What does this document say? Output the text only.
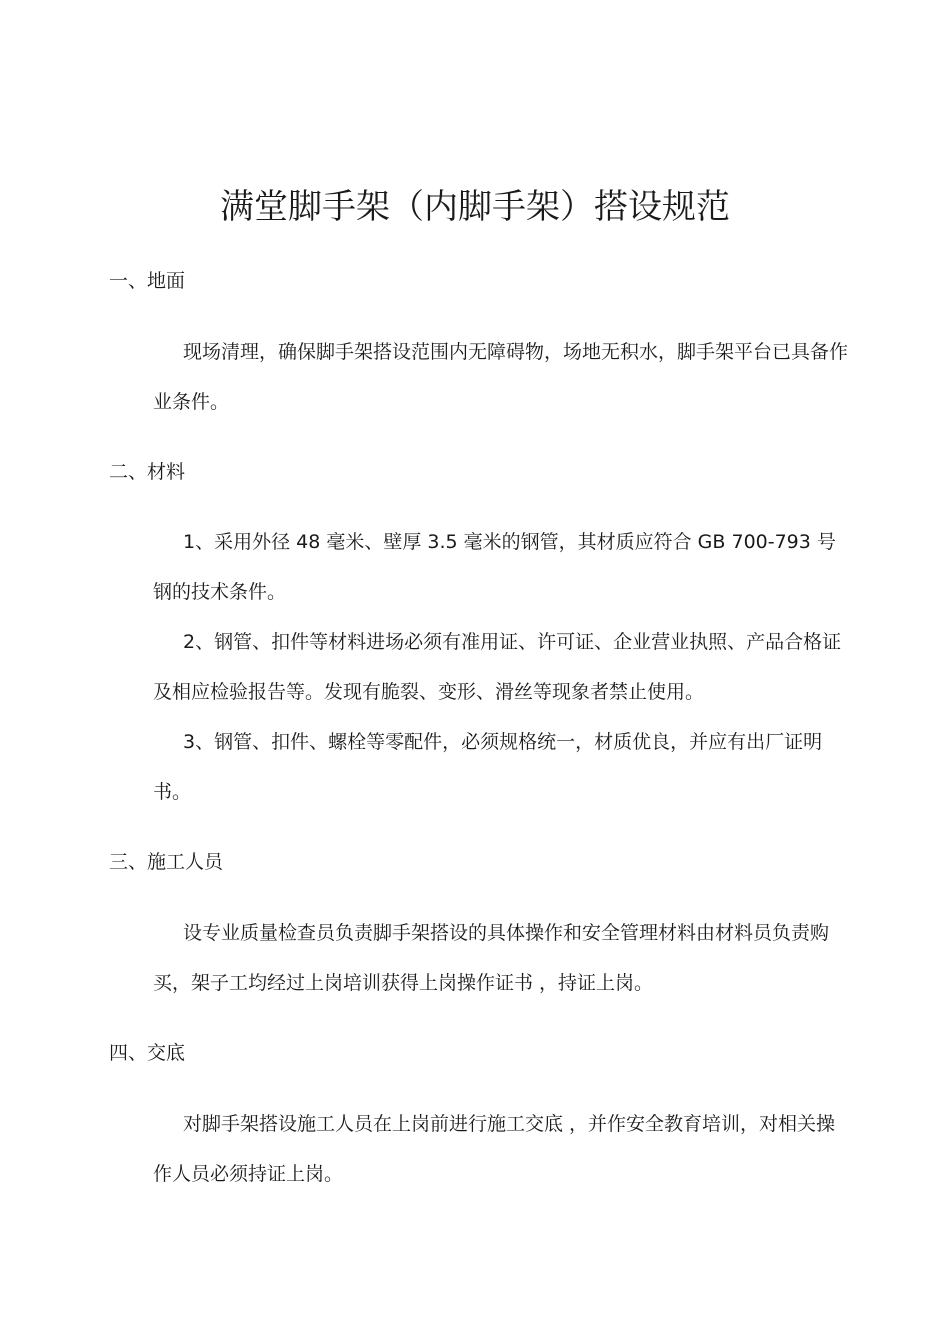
满堂脚手架（内脚手架）搭设规范
一、地面

现场清理，确保脚手架搭设范围内无障碍物，场地无积水，脚手架平台已具备作业条件。

二、材料

1、采用外径 48 毫米、壁厚 3.5 毫米的钢管，其材质应符合 GB 700-793 号钢的技术条件。

2、钢管、扣件等材料进场必须有准用证、许可证、企业营业执照、产品合格证及相应检验报告等。发现有脆裂、变形、滑丝等现象者禁止使用。

3、钢管、扣件、螺栓等零配件，必须规格统一，材质优良，并应有出厂证明书。

三、施工人员

设专业质量检查员负责脚手架搭设的具体操作和安全管理材料由材料员负责购买，架子工均经过上岗培训获得上岗操作证书 ，持证上岗。

四、交底

对脚手架搭设施工人员在上岗前进行施工交底 ，并作安全教育培训，对相关操作人员必须持证上岗。
